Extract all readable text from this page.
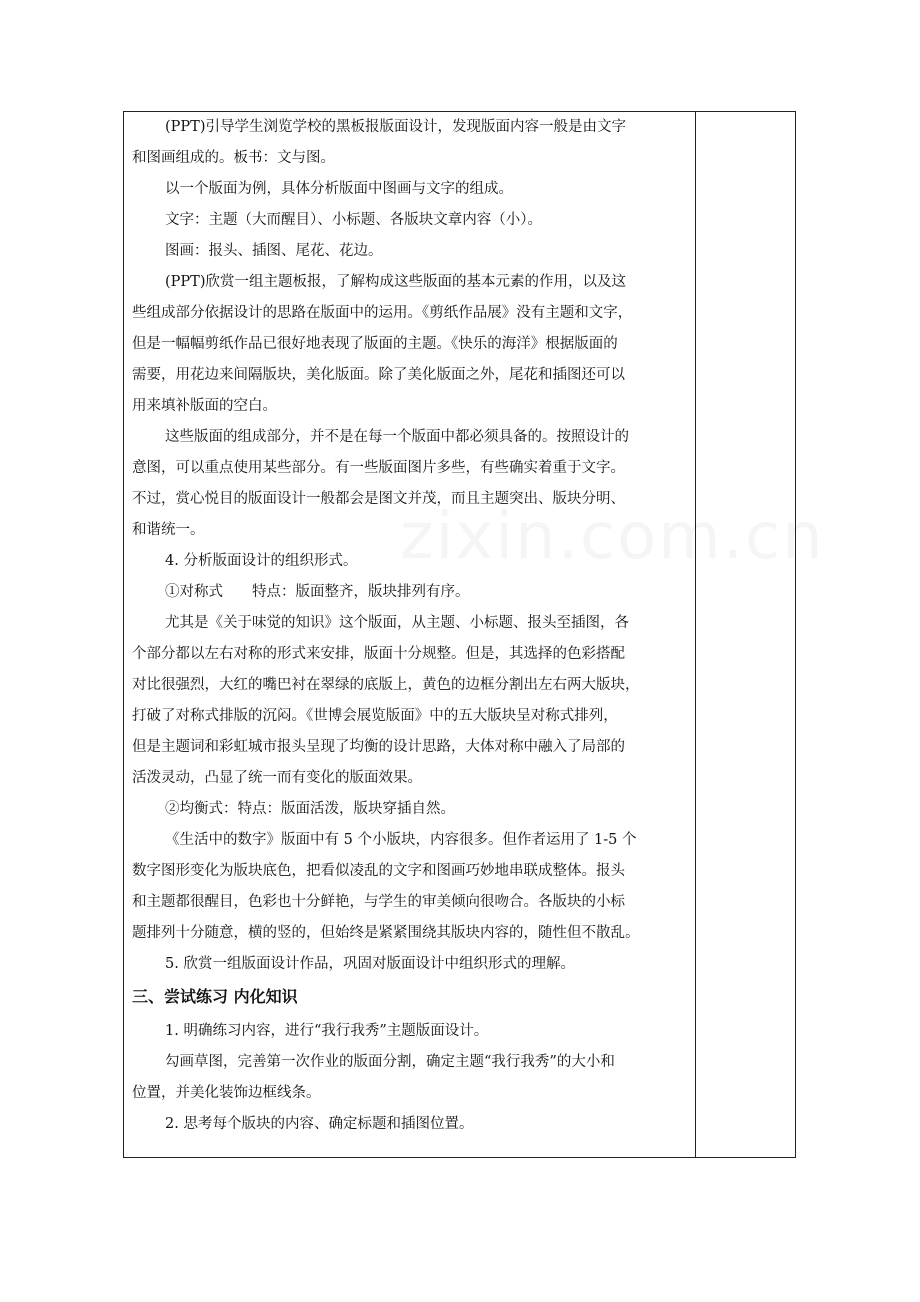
(PPT)引导学生浏览学校的黑板报版面设计，发现版面内容一般是由文字
和图画组成的。板书：文与图。
以一个版面为例，具体分析版面中图画与文字的组成。
文字：主题（大而醒目）、小标题、各版块文章内容（小）。
图画：报头、插图、尾花、花边。
(PPT)欣赏一组主题板报，了解构成这些版面的基本元素的作用，以及这
些组成部分依据设计的思路在版面中的运用。《剪纸作品展》没有主题和文字，
但是一幅幅剪纸作品已很好地表现了版面的主题。《快乐的海洋》根据版面的
需要，用花边来间隔版块，美化版面。除了美化版面之外，尾花和插图还可以
用来填补版面的空白。
这些版面的组成部分，并不是在每一个版面中都必须具备的。按照设计的
意图，可以重点使用某些部分。有一些版面图片多些，有些确实着重于文字。
不过，赏心悦目的版面设计一般都会是图文并茂，而且主题突出、版块分明、
和谐统一。
4. 分析版面设计的组织形式。
①对称式　　特点：版面整齐，版块排列有序。
尤其是《关于味觉的知识》这个版面，从主题、小标题、报头至插图，各
个部分都以左右对称的形式来安排，版面十分规整。但是，其选择的色彩搭配
对比很强烈，大红的嘴巴衬在翠绿的底版上，黄色的边框分割出左右两大版块，
打破了对称式排版的沉闷。《世博会展览版面》中的五大版块呈对称式排列，
但是主题词和彩虹城市报头呈现了均衡的设计思路，大体对称中融入了局部的
活泼灵动，凸显了统一而有变化的版面效果。
②均衡式：特点：版面活泼，版块穿插自然。
《生活中的数字》版面中有 5 个小版块，内容很多。但作者运用了 1-5 个
数字图形变化为版块底色，把看似凌乱的文字和图画巧妙地串联成整体。报头
和主题都很醒目，色彩也十分鲜艳，与学生的审美倾向很吻合。各版块的小标
题排列十分随意，横的竖的，但始终是紧紧围绕其版块内容的，随性但不散乱。
5. 欣赏一组版面设计作品，巩固对版面设计中组织形式的理解。
三、尝试练习 内化知识
1. 明确练习内容，进行“我行我秀”主题版面设计。
勾画草图，完善第一次作业的版面分割，确定主题“我行我秀”的大小和
位置，并美化装饰边框线条。
2. 思考每个版块的内容、确定标题和插图位置。
